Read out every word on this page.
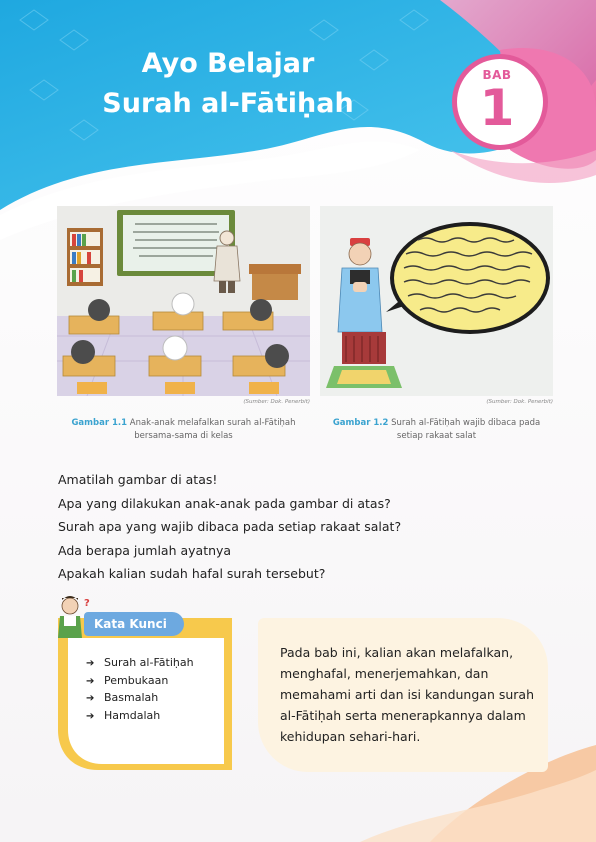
Ayo Belajar
Surah al-Fātiḥah
BAB
1
(Sumber: Dok. Penerbit)
Gambar 1.1 Anak-anak melafalkan surah al-Fātiḥah
bersama-sama di kelas
(Sumber: Dok. Penerbit)
Gambar 1.2 Surah al-Fātiḥah wajib dibaca pada
setiap rakaat salat
Amatilah gambar di atas!
Apa yang dilakukan anak-anak pada gambar di atas?
Surah apa yang wajib dibaca pada setiap rakaat salat?
Ada berapa jumlah ayatnya
Apakah kalian sudah hafal surah tersebut?
?
Kata Kunci
➔ Surah al-Fātiḥah
➔ Pembukaan
➔ Basmalah
➔ Hamdalah
Pada bab ini, kalian akan melafalkan,
menghafal, menerjemahkan, dan
memahami arti dan isi kandungan surah
al-Fātiḥah serta menerapkannya dalam
kehidupan sehari-hari.
